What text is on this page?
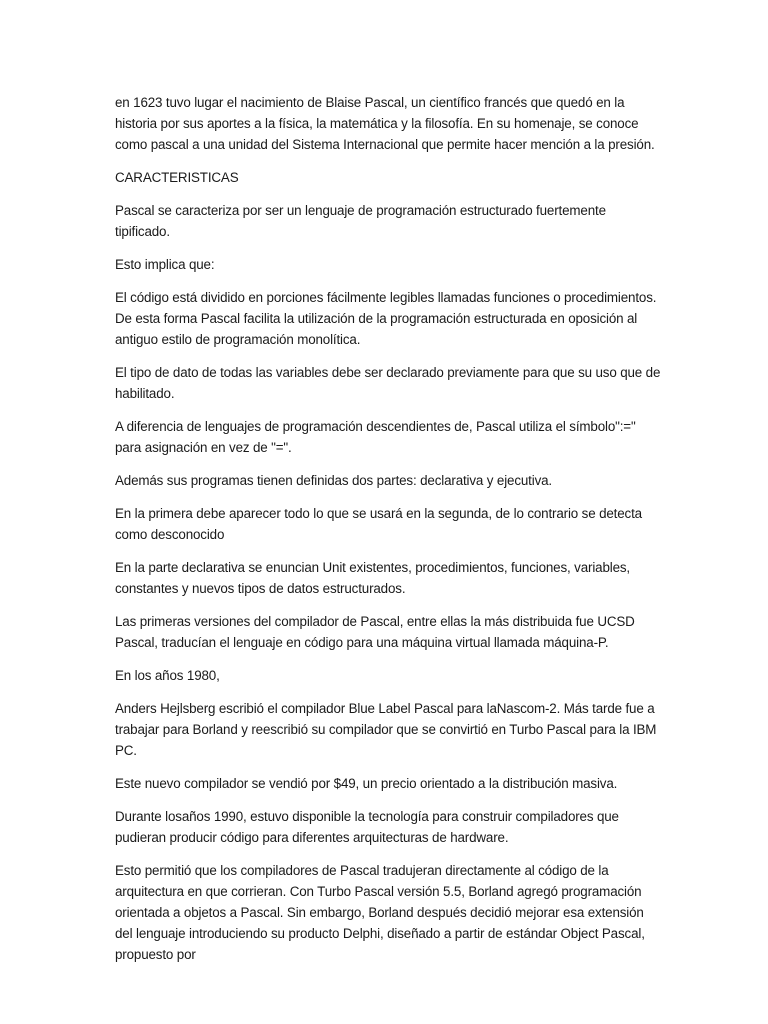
en 1623 tuvo lugar el nacimiento de Blaise Pascal, un científico francés que quedó en la historia por sus aportes a la física, la matemática y la filosofía. En su homenaje, se conoce como pascal a una unidad del Sistema Internacional que permite hacer mención a la presión.

CARACTERISTICAS

Pascal se caracteriza por ser un lenguaje de programación estructurado fuertemente tipificado.

Esto implica que:

El código está dividido en porciones fácilmente legibles llamadas funciones o procedimientos. De esta forma Pascal facilita la utilización de la programación estructurada en oposición al antiguo estilo de programación monolítica.

El tipo de dato de todas las variables debe ser declarado previamente para que su uso que de habilitado.

A diferencia de lenguajes de programación descendientes de, Pascal utiliza el símbolo":=" para asignación en vez de "=".

Además sus programas tienen definidas dos partes: declarativa y ejecutiva.

En la primera debe aparecer todo lo que se usará en la segunda, de lo contrario se detecta como desconocido

En la parte declarativa se enuncian Unit existentes, procedimientos, funciones, variables, constantes y nuevos tipos de datos estructurados.

Las primeras versiones del compilador de Pascal, entre ellas la más distribuida fue UCSD Pascal, traducían el lenguaje en código para una máquina virtual llamada máquina-P.

En los años 1980,

Anders Hejlsberg escribió el compilador Blue Label Pascal para laNascom-2. Más tarde fue a trabajar para Borland y reescribió su compilador que se convirtió en Turbo Pascal para la IBM PC.

Este nuevo compilador se vendió por $49, un precio orientado a la distribución masiva.

Durante losaños 1990, estuvo disponible la tecnología para construir compiladores que pudieran producir código para diferentes arquitecturas de hardware.

Esto permitió que los compiladores de Pascal tradujeran directamente al código de la arquitectura en que corrieran. Con Turbo Pascal versión 5.5, Borland agregó programación orientada a objetos a Pascal. Sin embargo, Borland después decidió mejorar esa extensión del lenguaje introduciendo su producto Delphi, diseñado a partir de estándar Object Pascal, propuesto por
